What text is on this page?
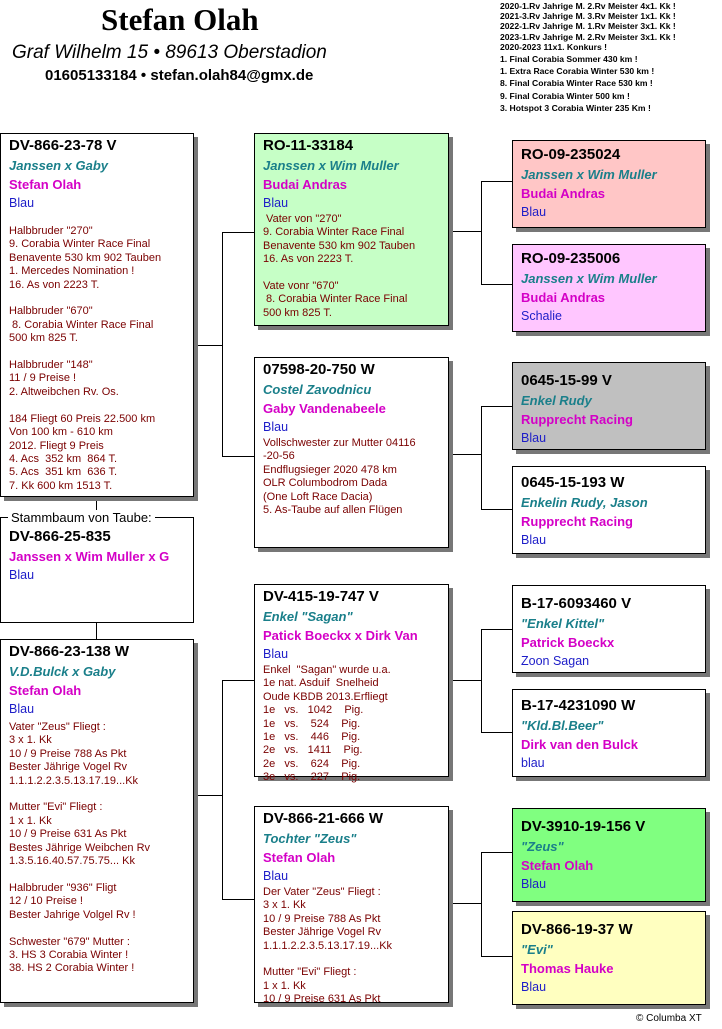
Stefan Olah
Graf Wilhelm 15 • 89613 Oberstadion
01605133184 • stefan.olah84@gmx.de
2020-1.Rv Jahrige M. 2.Rv Meister 4x1. Kk !
2021-3.Rv Jahrige M. 3.Rv Meister 1x1. Kk !
2022-1.Rv Jahrige M. 1.Rv Meister 3x1. Kk !
2023-1.Rv Jahrige M. 2.Rv Meister 3x1. Kk !
2020-2023 11x1. Konkurs !
1. Final Corabia Sommer 430 km !
1. Extra Race Corabia Winter 530 km !
8. Final Corabia Winter Race 530 km !
9. Final Corabia Winter 500 km !
3. Hotspot 3 Corabia Winter 235 Km !
DV-866-23-78 V
Janssen x Gaby
Stefan Olah
Blau
Halbbruder "270"
9. Corabia Winter Race Final
Benavente 530 km 902 Tauben
1. Mercedes Nomination !
16. As von 2223 T.

Halbbruder "670"
8. Corabia Winter Race Final
500 km 825 T.

Halbbruder "148"
11 / 9 Preise !
2. Altweibchen Rv. Os.

184 Fliegt 60 Preis 22.500 km
Von 100 km - 610 km
2012. Fliegt 9 Preis
4. Acs  352 km  864 T.
5. Acs  351 km  636 T.
7. Kk 600 km 1513 T.
DV-866-25-835
Janssen x Wim Muller x G
Blau
Stammbaum von Taube:
DV-866-23-138 W
V.D.Bulck x Gaby
Stefan Olah
Blau
Vater "Zeus" Fliegt :
3 x 1. Kk
10 / 9 Preise 788 As Pkt
Bester Jährige Vogel Rv
1.1.1.2.2.3.5.13.17.19...Kk

Mutter "Evi" Fliegt :
1 x 1. Kk
10 / 9 Preise 631 As Pkt
Bestes Jährige Weibchen Rv
1.3.5.16.40.57.75.75... Kk

Halbbruder "936" Fligt
12 / 10 Preise !
Bester Jahrige Volgel Rv !

Schwester "679" Mutter :
3. HS 3 Corabia Winter !
38. HS 2 Corabia Winter !
RO-11-33184
Janssen x Wim Muller
Budai Andras
Blau
Vater von "270"
9. Corabia Winter Race Final
Benavente 530 km 902 Tauben
16. As von 2223 T.

Vate vonr "670"
8. Corabia Winter Race Final
500 km 825 T.
07598-20-750 W
Costel Zavodnicu
Gaby Vandenabeele
Blau
Vollschwester zur Mutter 04116
-20-56
Endflugsieger 2020 478 km
OLR Columbodrom Dada
(One Loft Race Dacia)
5. As-Taube auf allen Flügen
DV-415-19-747 V
Enkel "Sagan"
Patick Boeckx x Dirk Van
Blau
Enkel  "Sagan" wurde u.a.
1e nat. Asduif  Snelheid
Oude KBDB 2013.Erfliegt
1e   vs.   1042    Pig.
1e   vs.    524    Pig.
1e   vs.    446    Pig.
2e   vs.   1411    Pig.
2e   vs.    624    Pig.
3e   vs.    227    Pig.
DV-866-21-666 W
Tochter "Zeus"
Stefan Olah
Blau
Der Vater "Zeus" Fliegt :
3 x 1. Kk
10 / 9 Preise 788 As Pkt
Bester Jährige Vogel Rv
1.1.1.2.2.3.5.13.17.19...Kk

Mutter "Evi" Fliegt :
1 x 1. Kk
10 / 9 Preise 631 As Pkt
RO-09-235024
Janssen x Wim Muller
Budai Andras
Blau
RO-09-235006
Janssen x Wim Muller
Budai Andras
Schalie
0645-15-99 V
Enkel Rudy
Rupprecht Racing
Blau
0645-15-193 W
Enkelin Rudy, Jason
Rupprecht Racing
Blau
B-17-6093460 V
"Enkel Kittel"
Patrick Boeckx
Zoon Sagan
B-17-4231090 W
"Kld.Bl.Beer"
Dirk van den Bulck
blau
DV-3910-19-156 V
"Zeus"
Stefan Olah
Blau
DV-866-19-37 W
"Evi"
Thomas Hauke
Blau
© Columba XT
